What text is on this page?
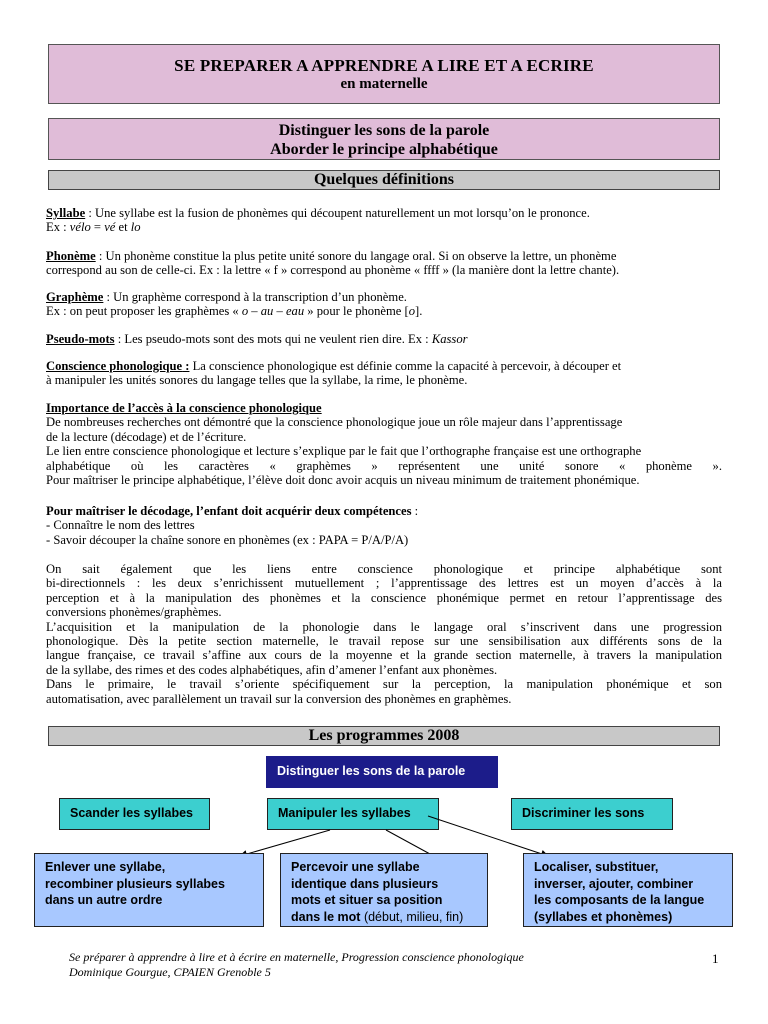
SE PREPARER A APPRENDRE A LIRE ET A ECRIRE
en maternelle
Distinguer les sons de la parole
Aborder le principe alphabétique
Quelques définitions

Syllabe : Une syllabe est la fusion de phonèmes qui découpent naturellement un mot lorsqu’on le prononce.

Ex : vélo = vé et lo

Phonème : Un phonème constitue la plus petite unité sonore du langage oral. Si on observe la lettre, un phonème

correspond au son de celle-ci. Ex : la lettre « f » correspond au phonème « ffff » (la manière dont la lettre chante).

Graphème : Un graphème correspond à la transcription d’un phonème.

Ex : on peut proposer les graphèmes « o – au – eau » pour le phonème [o].

Pseudo-mots : Les pseudo-mots sont des mots qui ne veulent rien dire. Ex : Kassor

Conscience phonologique : La conscience phonologique est définie comme la capacité à percevoir, à découper et

à manipuler les unités sonores du langage telles que la syllabe, la rime, le phonème.

Importance de l’accès à la conscience phonologique

De nombreuses recherches ont démontré que la conscience phonologique joue un rôle majeur dans l’apprentissage

de la lecture (décodage) et de l’écriture.

Le lien entre conscience phonologique et lecture s’explique par le fait que l’orthographe française est une orthographe

alphabétique où les caractères « graphèmes » représentent une unité sonore « phonème ».

Pour maîtriser le principe alphabétique, l’élève doit donc avoir acquis un niveau minimum de traitement phonémique.

Pour maîtriser le décodage, l’enfant doit acquérir deux compétences :

- Connaître le nom des lettres

- Savoir découper la chaîne sonore en phonèmes (ex : PAPA = P/A/P/A)

On sait également que les liens entre conscience phonologique et principe alphabétique sont

bi-directionnels : les deux s’enrichissent mutuellement ; l’apprentissage des lettres est un moyen d’accès à la

perception et à la manipulation des phonèmes et la conscience phonémique permet en retour l’apprentissage des

conversions phonèmes/graphèmes.

L’acquisition et la manipulation de la phonologie dans le langage oral s’inscrivent dans une progression

phonologique. Dès la petite section maternelle, le travail repose sur une sensibilisation aux différents sons de la

langue française, ce travail s’affine aux cours de la moyenne et la grande section maternelle, à travers la manipulation

de la syllabe, des rimes et des codes alphabétiques, afin d’amener l’enfant aux phonèmes.

Dans le primaire, le travail s’oriente spécifiquement sur la perception, la manipulation phonémique et son

automatisation, avec parallèlement un travail sur la conversion des phonèmes en graphèmes.

Les programmes 2008
Distinguer les sons de la parole
Scander les syllabes	Manipuler les syllabes	Discriminer les sons
Enlever une syllabe,
recombiner plusieurs syllabes
dans un autre ordre
Percevoir une syllabe
identique dans plusieurs
mots et situer sa position
dans le mot (début, milieu, fin)
Localiser, substituer,
inverser, ajouter, combiner
les composants de la langue
(syllabes et phonèmes)
Se préparer à apprendre à lire et à écrire en maternelle, Progression conscience phonologique
Dominique Gourgue, CPAIEN Grenoble 5
1
